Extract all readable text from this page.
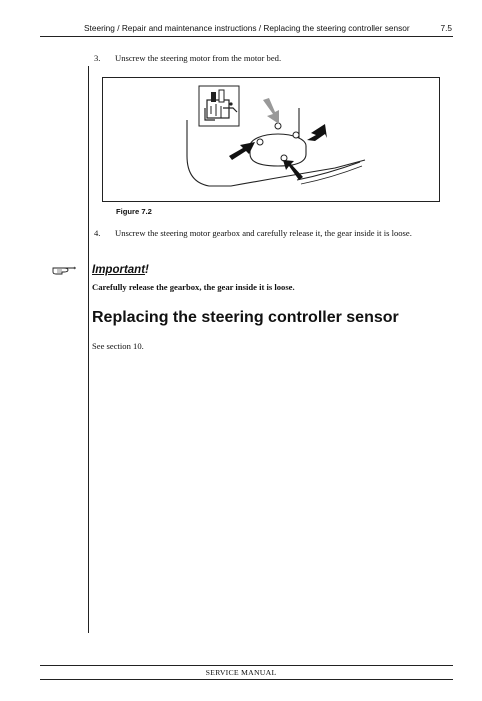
Steering / Repair and maintenance instructions / Replacing the steering controller sensor	7.5
3. Unscrew the steering motor from the motor bed.
Figure 7.2
4. Unscrew the steering motor gearbox and carefully release it, the gear inside it is loose.
Important!
Carefully release the gearbox, the gear inside it is loose.
Replacing the steering controller sensor
See section 10.
SERVICE MANUAL
